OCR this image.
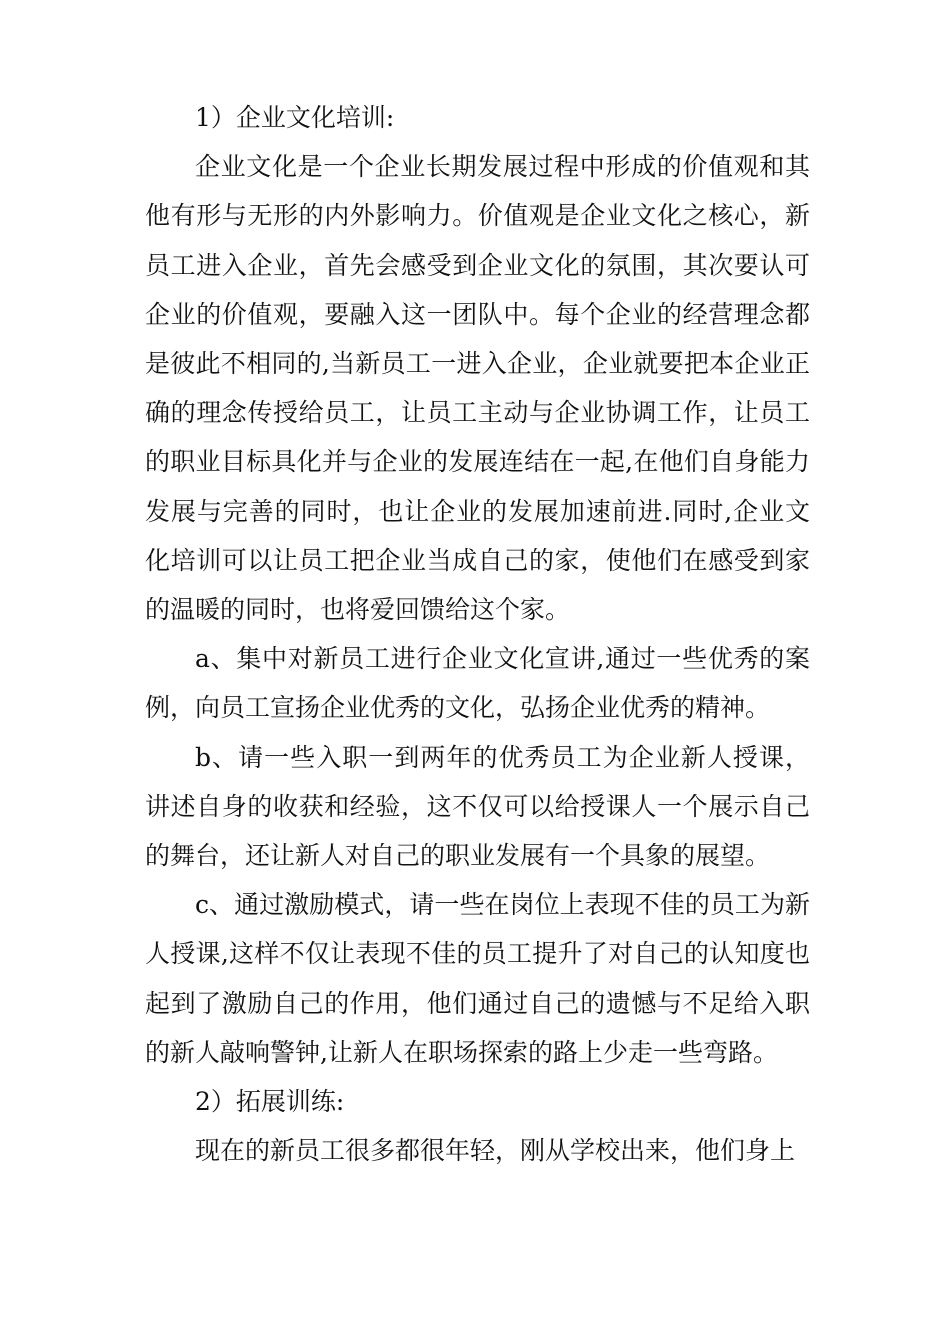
1）企业文化培训:

企业文化是一个企业长期发展过程中形成的价值观和其他有形与无形的内外影响力。价值观是企业文化之核心，新员工进入企业，首先会感受到企业文化的氛围，其次要认可企业的价值观，要融入这一团队中。每个企业的经营理念都是彼此不相同的,当新员工一进入企业，企业就要把本企业正确的理念传授给员工，让员工主动与企业协调工作，让员工的职业目标具化并与企业的发展连结在一起,在他们自身能力发展与完善的同时，也让企业的发展加速前进.同时,企业文化培训可以让员工把企业当成自己的家，使他们在感受到家的温暖的同时，也将爱回馈给这个家。

a、集中对新员工进行企业文化宣讲,通过一些优秀的案例，向员工宣扬企业优秀的文化，弘扬企业优秀的精神。

b、请一些入职一到两年的优秀员工为企业新人授课，讲述自身的收获和经验，这不仅可以给授课人一个展示自己的舞台，还让新人对自己的职业发展有一个具象的展望。

c、通过激励模式，请一些在岗位上表现不佳的员工为新人授课,这样不仅让表现不佳的员工提升了对自己的认知度也起到了激励自己的作用，他们通过自己的遗憾与不足给入职的新人敲响警钟,让新人在职场探索的路上少走一些弯路。

2）拓展训练:

现在的新员工很多都很年轻，刚从学校出来，他们身上
